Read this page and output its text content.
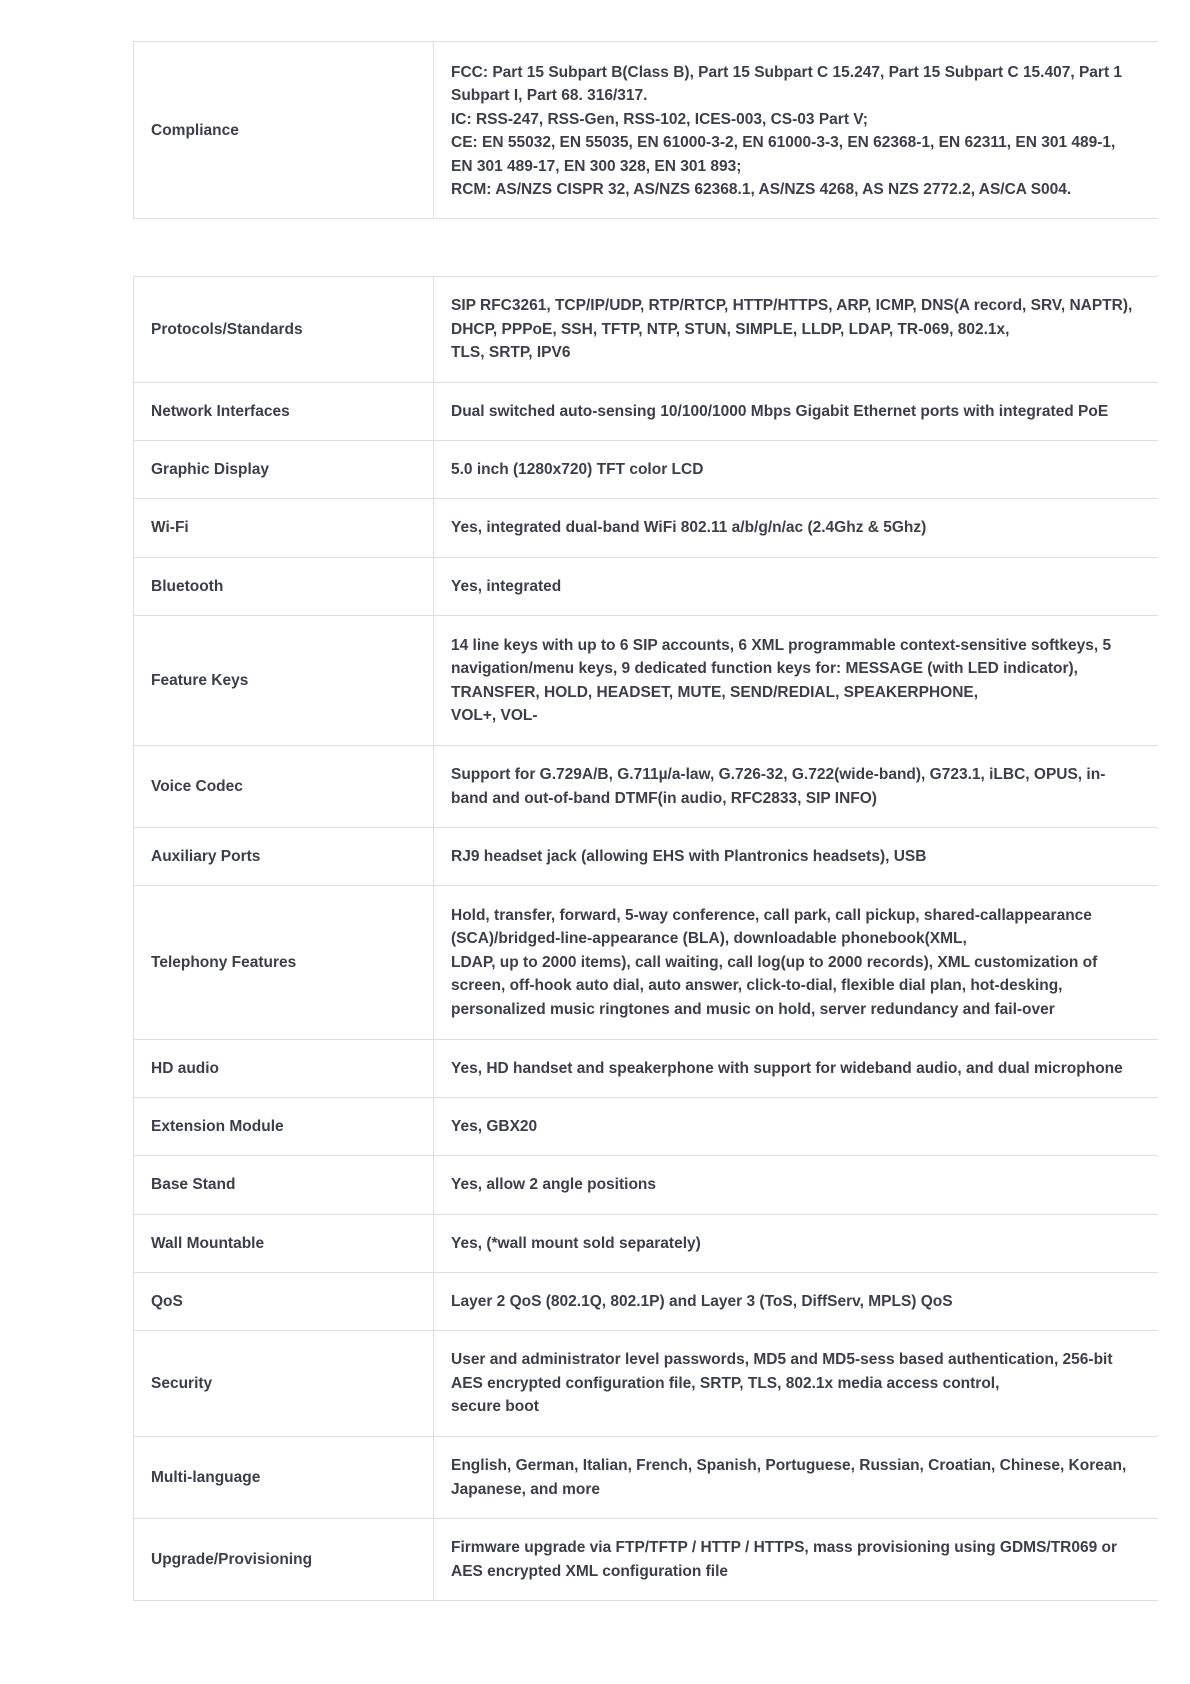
Compliance	FCC: Part 15 Subpart B(Class B), Part 15 Subpart C 15.247, Part 15 Subpart C 15.407, Part 1 Subpart I, Part 68. 316/317.
IC: RSS-247, RSS-Gen, RSS-102, ICES-003, CS-03 Part V;
CE: EN 55032, EN 55035, EN 61000-3-2, EN 61000-3-3, EN 62368-1, EN 62311, EN 301 489-1, EN 301 489-17, EN 300 328, EN 301 893;
RCM: AS/NZS CISPR 32, AS/NZS 62368.1, AS/NZS 4268, AS NZS 2772.2, AS/CA S004.
Protocols/Standards	SIP RFC3261, TCP/IP/UDP, RTP/RTCP, HTTP/HTTPS, ARP, ICMP, DNS(A record, SRV, NAPTR), DHCP, PPPoE, SSH, TFTP, NTP, STUN, SIMPLE, LLDP, LDAP, TR-069, 802.1x,
TLS, SRTP, IPV6
Network Interfaces	Dual switched auto-sensing 10/100/1000 Mbps Gigabit Ethernet ports with integrated PoE
Graphic Display	5.0 inch (1280x720) TFT color LCD
Wi-Fi	Yes, integrated dual-band WiFi 802.11 a/b/g/n/ac (2.4Ghz & 5Ghz)
Bluetooth	Yes, integrated
Feature Keys	14 line keys with up to 6 SIP accounts, 6 XML programmable context-sensitive softkeys, 5 navigation/menu keys, 9 dedicated function keys for: MESSAGE (with LED indicator), TRANSFER, HOLD, HEADSET, MUTE, SEND/REDIAL, SPEAKERPHONE,
VOL+, VOL-
Voice Codec	Support for G.729A/B, G.711µ/a-law, G.726-32, G.722(wide-band), G723.1, iLBC, OPUS, in-band and out-of-band DTMF(in audio, RFC2833, SIP INFO)
Auxiliary Ports	RJ9 headset jack (allowing EHS with Plantronics headsets), USB
Telephony Features	Hold, transfer, forward, 5-way conference, call park, call pickup, shared-callappearance (SCA)/bridged-line-appearance (BLA), downloadable phonebook(XML,
LDAP, up to 2000 items), call waiting, call log(up to 2000 records), XML customization of screen, off-hook auto dial, auto answer, click-to-dial, flexible dial plan, hot-desking, personalized music ringtones and music on hold, server redundancy and fail-over
HD audio	Yes, HD handset and speakerphone with support for wideband audio, and dual microphone
Extension Module	Yes, GBX20
Base Stand	Yes, allow 2 angle positions
Wall Mountable	Yes, (*wall mount sold separately)
QoS	Layer 2 QoS (802.1Q, 802.1P) and Layer 3 (ToS, DiffServ, MPLS) QoS
Security	User and administrator level passwords, MD5 and MD5-sess based authentication, 256-bit AES encrypted configuration file, SRTP, TLS, 802.1x media access control,
secure boot
Multi-language	English, German, Italian, French, Spanish, Portuguese, Russian, Croatian, Chinese, Korean, Japanese, and more
Upgrade/Provisioning	Firmware upgrade via FTP/TFTP / HTTP / HTTPS, mass provisioning using GDMS/TR069 or AES encrypted XML configuration file
